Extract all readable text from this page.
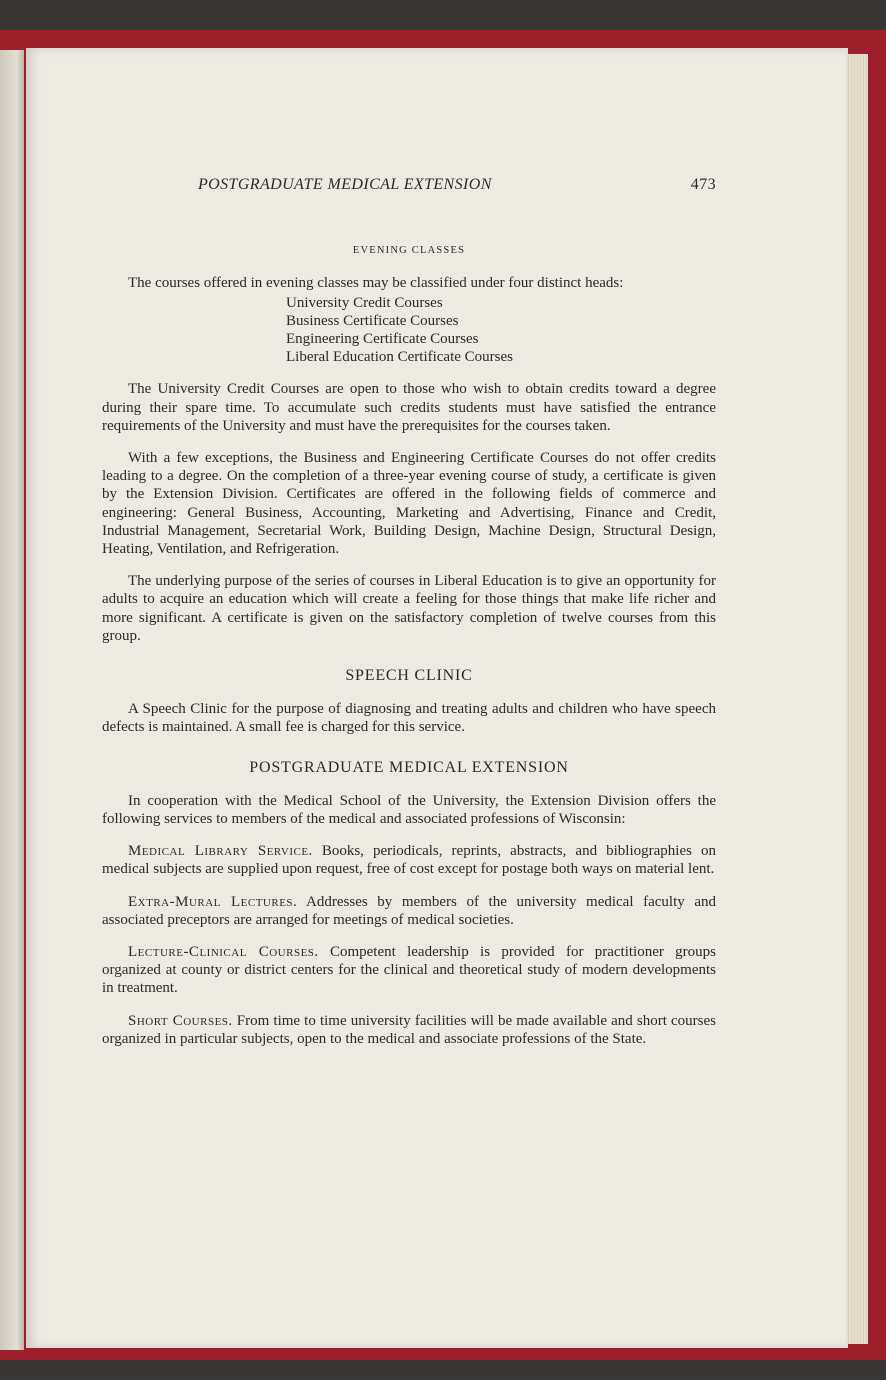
POSTGRADUATE MEDICAL EXTENSION	473
EVENING CLASSES

The courses offered in evening classes may be classified under four distinct heads:

University Credit Courses
Business Certificate Courses
Engineering Certificate Courses
Liberal Education Certificate Courses

The University Credit Courses are open to those who wish to obtain credits toward a degree during their spare time. To accumulate such credits students must have satisfied the entrance requirements of the University and must have the prerequisites for the courses taken.

With a few exceptions, the Business and Engineering Certificate Courses do not offer credits leading to a degree. On the completion of a three-year evening course of study, a certificate is given by the Extension Division. Certificates are offered in the following fields of commerce and engineering: General Business, Accounting, Marketing and Advertising, Finance and Credit, Industrial Management, Secretarial Work, Building Design, Machine Design, Structural Design, Heating, Ventilation, and Refrigeration.

The underlying purpose of the series of courses in Liberal Education is to give an opportunity for adults to acquire an education which will create a feeling for those things that make life richer and more significant. A certificate is given on the satisfactory completion of twelve courses from this group.

SPEECH CLINIC

A Speech Clinic for the purpose of diagnosing and treating adults and children who have speech defects is maintained. A small fee is charged for this service.

POSTGRADUATE MEDICAL EXTENSION

In cooperation with the Medical School of the University, the Extension Division offers the following services to members of the medical and associated professions of Wisconsin:

Medical Library Service. Books, periodicals, reprints, abstracts, and bibliographies on medical subjects are supplied upon request, free of cost except for postage both ways on material lent.

Extra-Mural Lectures. Addresses by members of the university medical faculty and associated preceptors are arranged for meetings of medical societies.

Lecture-Clinical Courses. Competent leadership is provided for practitioner groups organized at county or district centers for the clinical and theoretical study of modern developments in treatment.

Short Courses. From time to time university facilities will be made available and short courses organized in particular subjects, open to the medical and associate professions of the State.
